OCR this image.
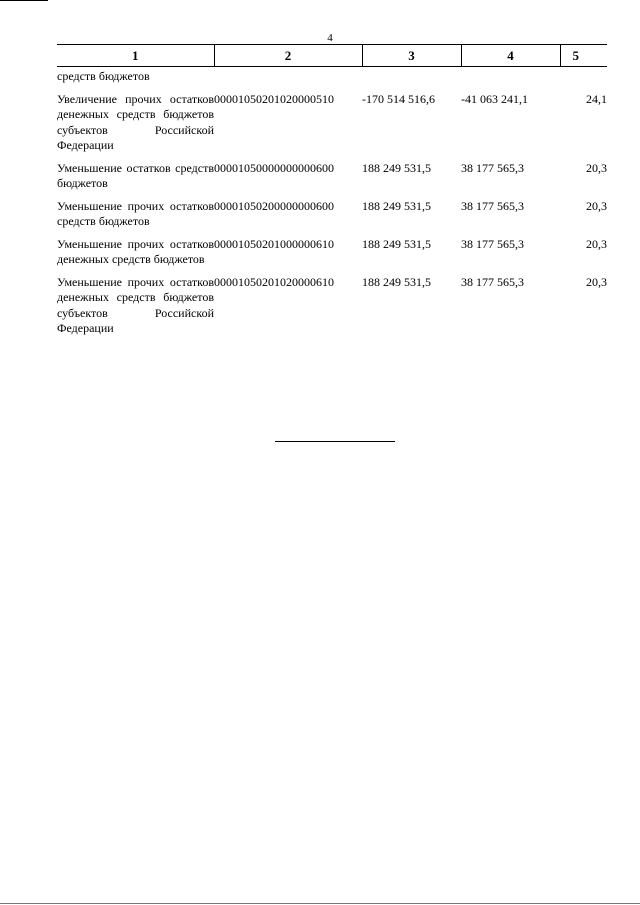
4
1	2	3	4	5
средств бюджетов				
Увеличение прочих остатков денежных средств бюджетов субъектов Российской Федерации	00001050201020000510	-170 514 516,6	-41 063 241,1	24,1
Уменьшение остатков средств бюджетов	00001050000000000600	188 249 531,5	38 177 565,3	20,3
Уменьшение прочих остатков средств бюджетов	00001050200000000600	188 249 531,5	38 177 565,3	20,3
Уменьшение прочих остатков денежных средств бюджетов	00001050201000000610	188 249 531,5	38 177 565,3	20,3
Уменьшение прочих остатков денежных средств бюджетов субъектов Российской Федерации	00001050201020000610	188 249 531,5	38 177 565,3	20,3
